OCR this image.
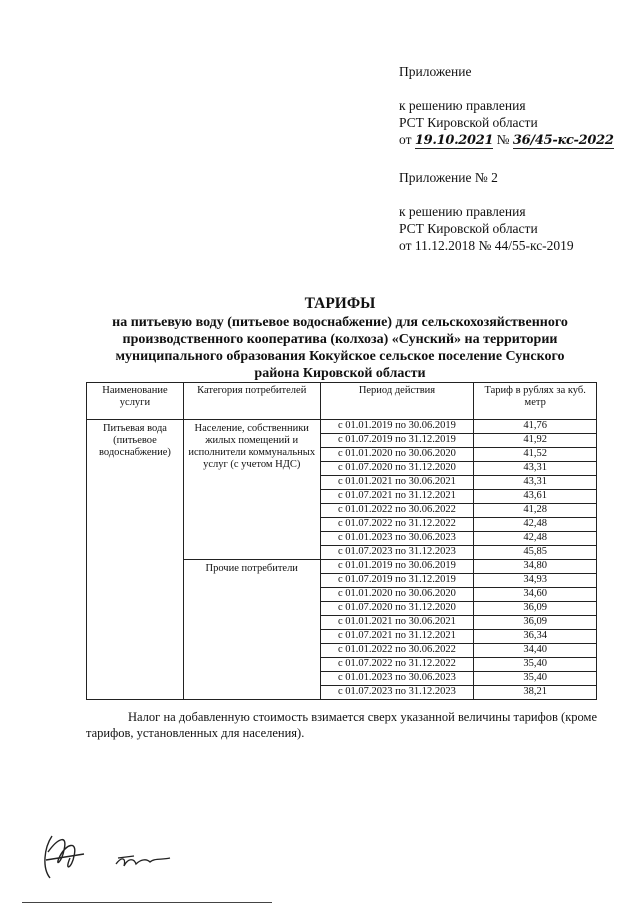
Приложение
к решению правления
РСТ Кировской области
от 19.10.2021 № 36/45-кс-2022
Приложение № 2
к решению правления
РСТ Кировской области
от 11.12.2018 № 44/55-кс-2019
ТАРИФЫ
на питьевую воду (питьевое водоснабжение) для сельскохозяйственного
производственного кооператива (колхоза) «Сунский» на территории
муниципального образования Кокуйское сельское поселение Сунского
района Кировской области
Наименование услуги	Категория потребителей	Период действия	Тариф в рублях за куб. метр
Питьевая вода (питьевое водоснабжение)	Население, собственники жилых помещений и исполнители коммунальных услуг (с учетом НДС)	с 01.01.2019 по 30.06.2019	41,76
		с 01.07.2019 по 31.12.2019	41,92
		с 01.01.2020 по 30.06.2020	41,52
		с 01.07.2020 по 31.12.2020	43,31
		с 01.01.2021 по 30.06.2021	43,31
		с 01.07.2021 по 31.12.2021	43,61
		с 01.01.2022 по 30.06.2022	41,28
		с 01.07.2022 по 31.12.2022	42,48
		с 01.01.2023 по 30.06.2023	42,48
		с 01.07.2023 по 31.12.2023	45,85
	Прочие потребители	с 01.01.2019 по 30.06.2019	34,80
		с 01.07.2019 по 31.12.2019	34,93
		с 01.01.2020 по 30.06.2020	34,60
		с 01.07.2020 по 31.12.2020	36,09
		с 01.01.2021 по 30.06.2021	36,09
		с 01.07.2021 по 31.12.2021	36,34
		с 01.01.2022 по 30.06.2022	34,40
		с 01.07.2022 по 31.12.2022	35,40
		с 01.01.2023 по 30.06.2023	35,40
		с 01.07.2023 по 31.12.2023	38,21
Налог на добавленную стоимость взимается сверх указанной величины тарифов (кроме тарифов, установленных для населения).
